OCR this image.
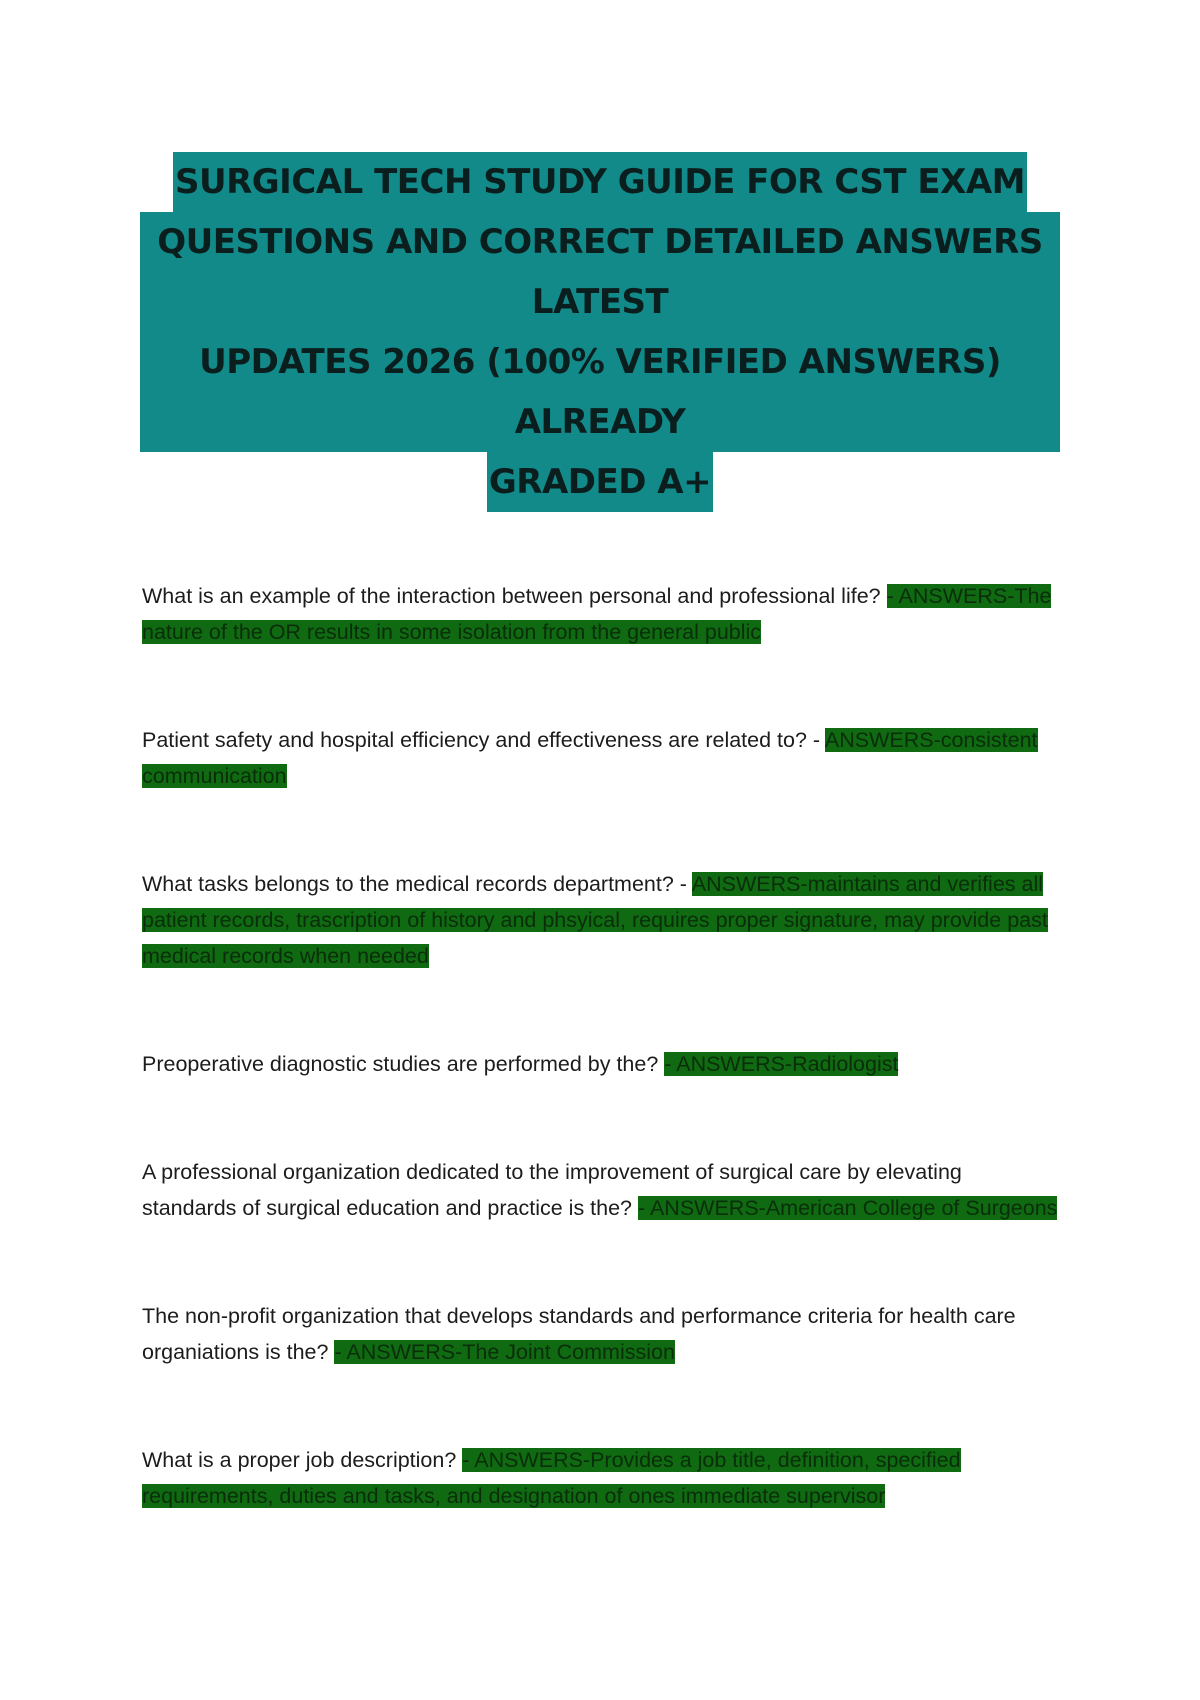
SURGICAL TECH STUDY GUIDE FOR CST EXAM
QUESTIONS AND CORRECT DETAILED ANSWERS LATEST
UPDATES 2026 (100% VERIFIED ANSWERS) ALREADY
GRADED A+
What is an example of the interaction between personal and professional life? - ANSWERS-The nature of the OR results in some isolation from the general public
Patient safety and hospital efficiency and effectiveness are related to? - ANSWERS-consistent communication
What tasks belongs to the medical records department? - ANSWERS-maintains and verifies all patient records, trascription of history and phsyical, requires proper signature, may provide past medical records when needed
Preoperative diagnostic studies are performed by the? - ANSWERS-Radiologist
A professional organization dedicated to the improvement of surgical care by elevating standards of surgical education and practice is the? - ANSWERS-American College of Surgeons
The non-profit organization that develops standards and performance criteria for health care organiations is the? - ANSWERS-The Joint Commission
What is a proper job description? - ANSWERS-Provides a job title, definition, specified requirements, duties and tasks, and designation of ones immediate supervisor
